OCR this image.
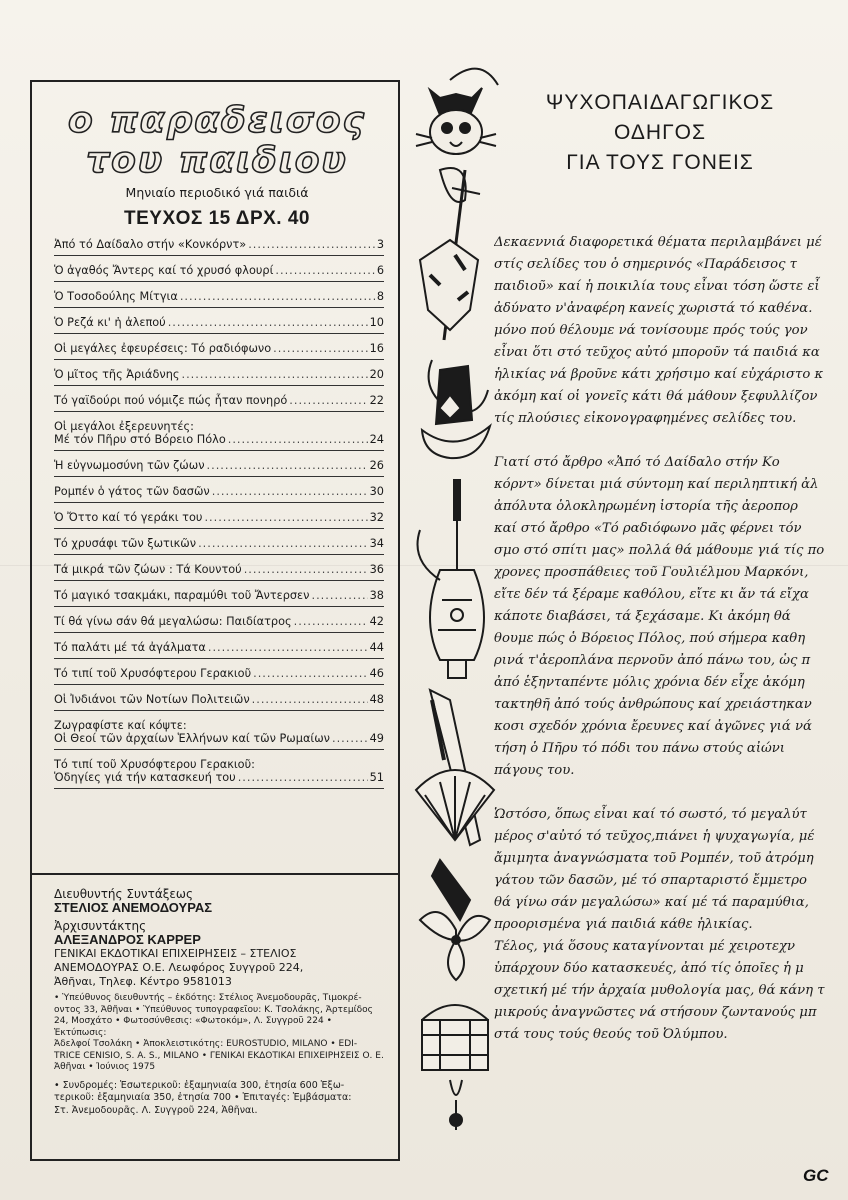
ο παραδεισος
του παιδιου
Μηνιαίο περιοδικό γιά παιδιά
ΤΕΥΧΟΣ 15 ΔΡΧ. 40
Ἀπό τό Δαίδαλο στήν «Κονκόρντ» .....	3
Ὁ ἀγαθός Ἄντερς καί τό χρυσό φλουρί .....	6
Ὁ Τοσοδούλης Μίτγια .....	8
Ὁ Ρεζά κι' ἡ ἀλεπού .....	10
Οἱ μεγάλες ἐφευρέσεις: Τό ραδιόφωνο .....	16
Ὁ μῖτος τῆς Ἀριάδνης .....	20
Τό γαϊδούρι πού νόμιζε πώς ἦταν πονηρό .....	22
Οἱ μεγάλοι ἐξερευνητές:
Μέ τόν Πῆρυ στό Βόρειο Πόλο .....	24
Ἡ εὐγνωμοσύνη τῶν ζώων .....	26
Ρομπέν ὁ γάτος τῶν δασῶν .....	30
Ὁ Ὄττο καί τό γεράκι του .....	32
Τό χρυσάφι τῶν ξωτικῶν .....	34
Τά μικρά τῶν ζώων : Τά Κουντού .....	36
Τό μαγικό τσακμάκι, παραμύθι τοῦ Ἄντερσεν .....	38
Τί θά γίνω σάν θά μεγαλώσω: Παιδίατρος .....	42
Τό παλάτι μέ τά ἀγάλματα .....	44
Τό τιπί τοῦ Χρυσόφτερου Γερακιοῦ .....	46
Οἱ Ἰνδιάνοι τῶν Νοτίων Πολιτειῶν .....	48
Ζωγραφίστε καί κόψτε:
Οἱ Θεοί τῶν ἀρχαίων Ἑλλήνων καί τῶν Ρωμαίων .....	49
Τό τιπί τοῦ Χρυσόφτερου Γερακιοῦ:
Ὁδηγίες γιά τήν κατασκευή του .....	51
Διευθυντής Συντάξεως
ΣΤΕΛΙΟΣ ΑΝΕΜΟΔΟΥΡΑΣ
Ἀρχισυντάκτης
ΑΛΕΞΑΝΔΡΟΣ ΚΑΡΡΕΡ
ΓΕΝΙΚΑΙ ΕΚΔΟΤΙΚΑΙ ΕΠΙΧΕΙΡΗΣΕΙΣ – ΣΤΕΛΙΟΣ
ΑΝΕΜΟΔΟΥΡΑΣ Ο.Ε. Λεωφόρος Συγγροῦ 224,
Ἀθῆναι, Τηλεφ. Κέντρο 9581013
• Ὑπεύθυνος διευθυντής – ἐκδότης: Στέλιος Ἀνεμοδουρᾶς, Τιμοκρέ-
οντος 33, Ἀθῆναι • Ὑπεύθυνος τυπογραφεῖου: Κ. Τσολάκης, Ἀρτεμίδος
24, Μοσχάτο • Φωτοσύνθεσις: «Φωτοκόμ», Λ. Συγγροῦ 224 • Ἐκτύπωσις:
Ἀδελφοί Τσολάκη • Ἀποκλειστικότης: EUROSTUDIO, MILANO • EDI-
TRICE CENISIO, S. A. S., MILANO • ΓΕΝΙΚΑΙ ΕΚΔΟΤΙΚΑΙ ΕΠΙΧΕΙΡΗΣΕΙΣ Ο. Ε.
Ἀθῆναι • Ἰούνιος 1975
• Συνδρομές: Ἐσωτερικοῦ: ἑξαμηνιαία 300, ἐτησία 600 Ἐξω-
τερικοῦ: ἑξαμηνιαία 350, ἐτησία 700 • Ἐπιταγές: Ἐμβάσματα:
Στ. Ἀνεμοδουρᾶς. Λ. Συγγροῦ 224, Ἀθῆναι.
ΨΥΧΟΠΑΙΔΑΓΩΓΙΚΟΣ
ΟΔΗΓΟΣ
ΓΙΑ ΤΟΥΣ ΓΟΝΕΙΣ
Δεκαεννιά διαφορετικά θέματα περιλαμβάνει μέ
στίς σελίδες του ὁ σημερινός «Παράδεισος τ
παιδιοῦ» καί ἡ ποικιλία τους εἶναι τόση ὥστε εἶ
ἀδύνατο ν'ἀναφέρη κανείς χωριστά τό καθένα.
μόνο πού θέλουμε νά τονίσουμε πρός τούς γον
εἶναι ὅτι στό τεῦχος αὐτό μποροῦν τά παιδιά κα
ἡλικίας νά βροῦνε κάτι χρήσιμο καί εὐχάριστο κ
ἀκόμη καί οἱ γονεῖς κάτι θά μάθουν ξεφυλλίζον
τίς πλούσιες εἰκονογραφημένες σελίδες του.
Γιατί στό ἄρθρο «Ἀπό τό Δαίδαλο στήν Κο
κόρντ» δίνεται μιά σύντομη καί περιληπτική ἀλ
ἀπόλυτα ὁλοκληρωμένη ἱστορία τῆς ἀεροπορ
καί στό ἄρθρο «Τό ραδιόφωνο μᾶς φέρνει τόν
σμο στό σπίτι μας» πολλά θά μάθουμε γιά τίς πο
χρονες προσπάθειες τοῦ Γουλιέλμου Μαρκόνι,
εἴτε δέν τά ξέραμε καθόλου, εἴτε κι ἄν τά εἴχα
κάποτε διαβάσει, τά ξεχάσαμε. Κι ἀκόμη θά
θουμε πώς ὁ Βόρειος Πόλος, πού σήμερα καθη
ρινά τ'ἀεροπλάνα περνοῦν ἀπό πάνω του, ὡς π
ἀπό ἑξηνταπέντε μόλις χρόνια δέν εἶχε ἀκόμη
τακτηθῆ ἀπό τούς ἀνθρώπους καί χρειάστηκαν
κοσι σχεδόν χρόνια ἔρευνες καί ἀγῶνες γιά νά
τήση ὁ Πῆρυ τό πόδι του πάνω στούς αἰώνι
πάγους του.
Ὡστόσο, ὅπως εἶναι καί τό σωστό, τό μεγαλύτ
μέρος σ'αὐτό τό τεῦχος,πιάνει ἡ ψυχαγωγία, μέ
ἄμιμητα ἀναγνώσματα τοῦ Ρομπέν, τοῦ ἀτρόμη
γάτου τῶν δασῶν, μέ τό σπαρταριστό ἔμμετρο
θά γίνω σάν μεγαλώσω» καί μέ τά παραμύθια,
προορισμένα γιά παιδιά κάθε ἡλικίας.
Τέλος, γιά ὅσους καταγίνονται μέ χειροτεχν
ὑπάρχουν δύο κατασκευές, ἀπό τίς ὁποῖες ἡ μ
σχετική μέ τήν ἀρχαία μυθολογία μας, θά κάνη τ
μικρούς ἀναγνῶστες νά στήσουν ζωντανούς μπ
στά τους τούς θεούς τοῦ Ὀλύμπου.
GC
